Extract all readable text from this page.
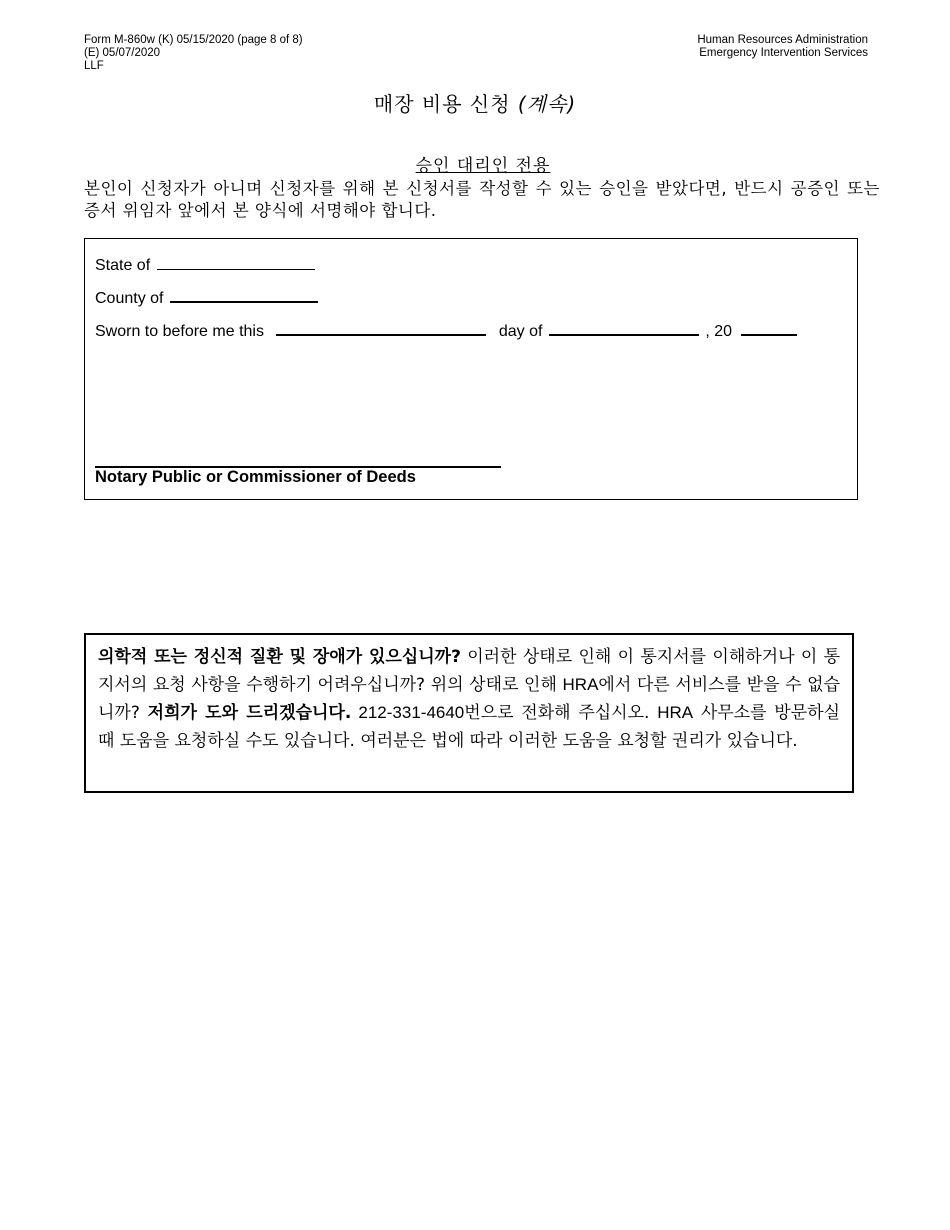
Form M-860w (K) 05/15/2020 (page 8 of 8)
(E) 05/07/2020
LLF
Human Resources Administration
Emergency Intervention Services
매장 비용 신청 (계속)
승인 대리인 전용
본인이 신청자가 아니며 신청자를 위해 본 신청서를 작성할 수 있는 승인을 받았다면, 반드시 공증인 또는 증서 위임자 앞에서 본 양식에 서명해야 합니다.
State of
County of
Sworn to before me this	day of	, 20
Notary Public or Commissioner of Deeds
의학적 또는 정신적 질환 및 장애가 있으십니까? 이러한 상태로 인해 이 통지서를 이해하거나 이 통지서의 요청 사항을 수행하기 어려우십니까? 위의 상태로 인해 HRA에서 다른 서비스를 받을 수 없습니까? 저희가 도와 드리겠습니다. 212-331-4640번으로 전화해 주십시오. HRA 사무소를 방문하실 때 도움을 요청하실 수도 있습니다. 여러분은 법에 따라 이러한 도움을 요청할 권리가 있습니다.
